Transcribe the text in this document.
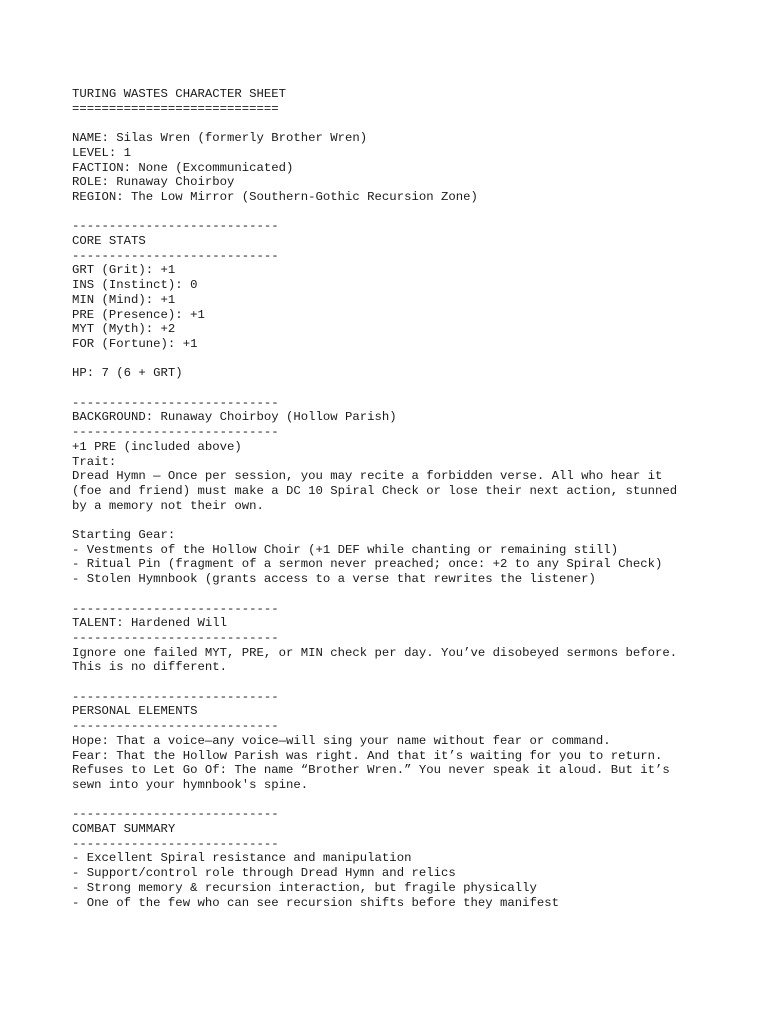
TURING WASTES CHARACTER SHEET
============================
NAME: Silas Wren (formerly Brother Wren)
LEVEL: 1
FACTION: None (Excommunicated)
ROLE: Runaway Choirboy
REGION: The Low Mirror (Southern-Gothic Recursion Zone)
----------------------------
CORE STATS
----------------------------
GRT (Grit): +1
INS (Instinct): 0
MIN (Mind): +1
PRE (Presence): +1
MYT (Myth): +2
FOR (Fortune): +1
HP: 7 (6 + GRT)
----------------------------
BACKGROUND: Runaway Choirboy (Hollow Parish)
----------------------------
+1 PRE (included above)
Trait:
Dread Hymn — Once per session, you may recite a forbidden verse. All who hear it
(foe and friend) must make a DC 10 Spiral Check or lose their next action, stunned
by a memory not their own.
Starting Gear:
- Vestments of the Hollow Choir (+1 DEF while chanting or remaining still)
- Ritual Pin (fragment of a sermon never preached; once: +2 to any Spiral Check)
- Stolen Hymnbook (grants access to a verse that rewrites the listener)
----------------------------
TALENT: Hardened Will
----------------------------
Ignore one failed MYT, PRE, or MIN check per day. You’ve disobeyed sermons before.
This is no different.
----------------------------
PERSONAL ELEMENTS
----------------------------
Hope: That a voice—any voice—will sing your name without fear or command.
Fear: That the Hollow Parish was right. And that it’s waiting for you to return.
Refuses to Let Go Of: The name “Brother Wren.” You never speak it aloud. But it’s
sewn into your hymnbook's spine.
----------------------------
COMBAT SUMMARY
----------------------------
- Excellent Spiral resistance and manipulation
- Support/control role through Dread Hymn and relics
- Strong memory & recursion interaction, but fragile physically
- One of the few who can see recursion shifts before they manifest
